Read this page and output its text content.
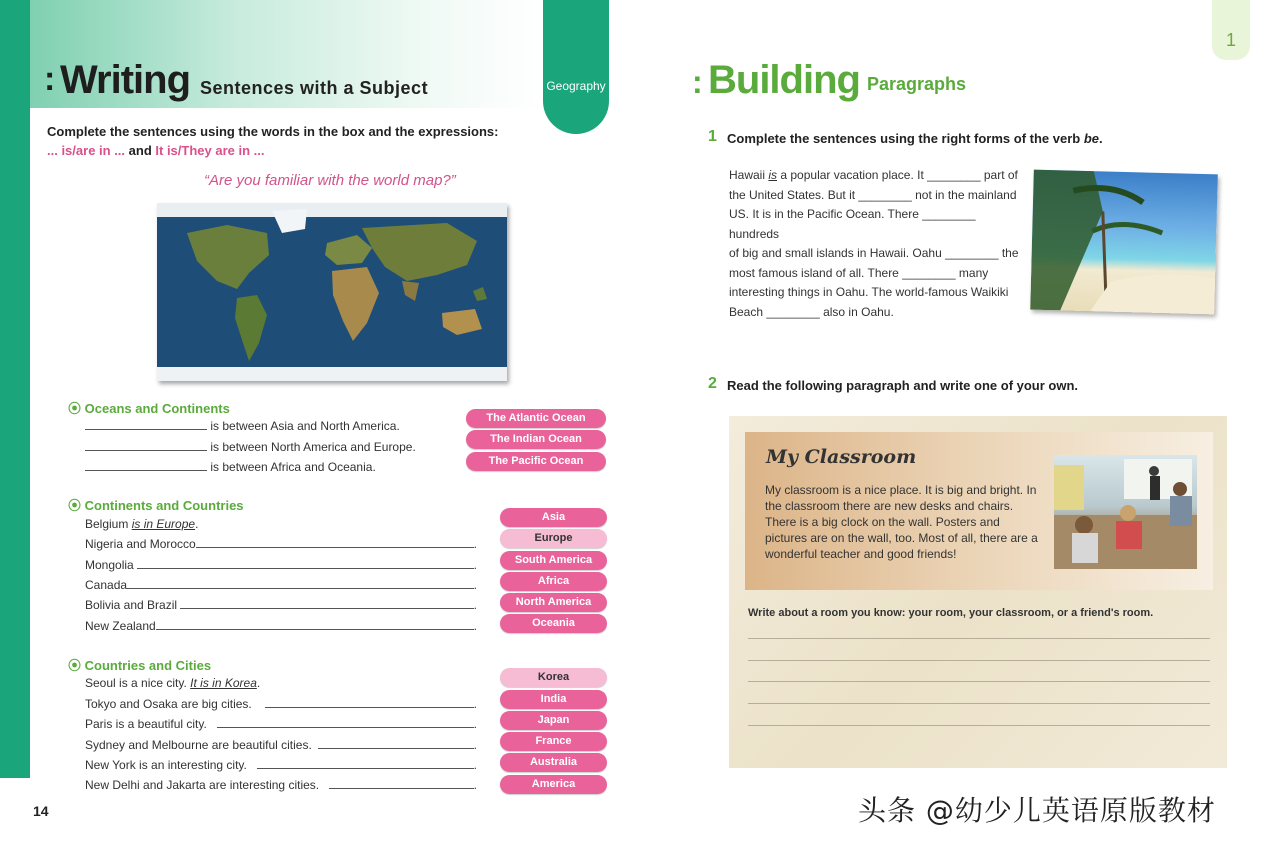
: Writing Sentences with a Subject	Geography
Complete the sentences using the words in the box and the expressions:
... is/are in ... and It is/They are in ...
“Are you familiar with the world map?”
⦿ Oceans and Continents
is between Asia and North America.
is between North America and Europe.
is between Africa and Oceania.
The Atlantic Ocean
The Indian Ocean
The Pacific Ocean
⦿ Continents and Countries
Belgium is in Europe.
Nigeria and Morocco	.
Mongolia
	.
Canada	.
Bolivia and Brazil
	.
New Zealand	.
Asia
Europe
South America
Africa
North America
Oceania
⦿ Countries and Cities
Seoul is a nice city. It is in Korea.
Tokyo and Osaka are big cities.
	.
Paris is a beautiful city.
	.
Sydney and Melbourne are beautiful cities.
	.
New York is an interesting city.
	.
New Delhi and Jakarta are interesting cities.
	.
Korea
India
Japan
France
Australia
America
14
1
: Building Paragraphs
1 Complete the sentences using the right forms of the verb be.
Hawaii is a popular vacation place. It ________ part of
the United States. But it ________ not in the mainland
US. It is in the Pacific Ocean. There ________ hundreds
of big and small islands in Hawaii. Oahu ________ the
most famous island of all. There ________ many
interesting things in Oahu. The world-famous Waikiki
Beach ________ also in Oahu.
2 Read the following paragraph and write one of your own.
My Classroom
My classroom is a nice place. It is big and bright. In the classroom there are new desks and chairs. There is a big clock on the wall. Posters and pictures are on the wall, too. Most of all, there are a wonderful teacher and good friends!
Write about a room you know: your room, your classroom, or a friend's room.
头条 @幼少儿英语原版教材
